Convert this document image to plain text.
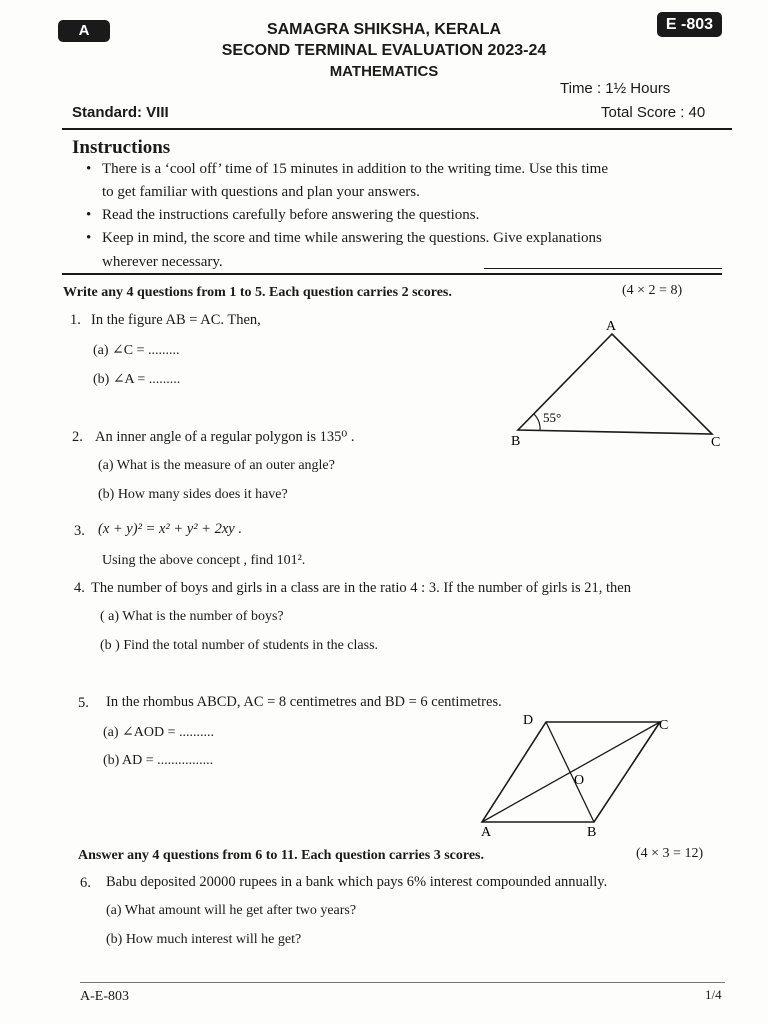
A	E -803
SAMAGRA SHIKSHA, KERALA
SECOND TERMINAL EVALUATION 2023-24
MATHEMATICS
Time : 1½ Hours
Standard: VIII	Total Score : 40
Instructions
• There is a ‘cool off’ time of 15 minutes in addition to the writing time. Use this time
to get familiar with questions and plan your answers.
• Read the instructions carefully before answering the questions.
• Keep in mind, the score and time while answering the questions. Give explanations
wherever necessary.
Write any 4 questions from 1 to 5. Each question carries 2 scores.	(4 × 2 = 8)
1. In the figure AB = AC. Then,
(a) ∠C = .........
(b) ∠A = .........
A
B	C
55°
2. An inner angle of a regular polygon is 135⁰ .
(a) What is the measure of an outer angle?
(b) How many sides does it have?
3. (x + y)² = x² + y² + 2xy .
Using the above concept , find 101².
4. The number of boys and girls in a class are in the ratio 4 : 3. If the number of girls is 21, then
( a) What is the number of boys?
(b ) Find the total number of students in the class.
5. In the rhombus ABCD, AC = 8 centimetres and BD = 6 centimetres.
(a) ∠AOD = ..........
(b) AD = ................
D	C
A	B
O
Answer any 4 questions from 6 to 11. Each question carries 3 scores.	(4 × 3 = 12)
6. Babu deposited 20000 rupees in a bank which pays 6% interest compounded annually.
(a) What amount will he get after two years?
(b) How much interest will he get?
A-E-803	1/4
